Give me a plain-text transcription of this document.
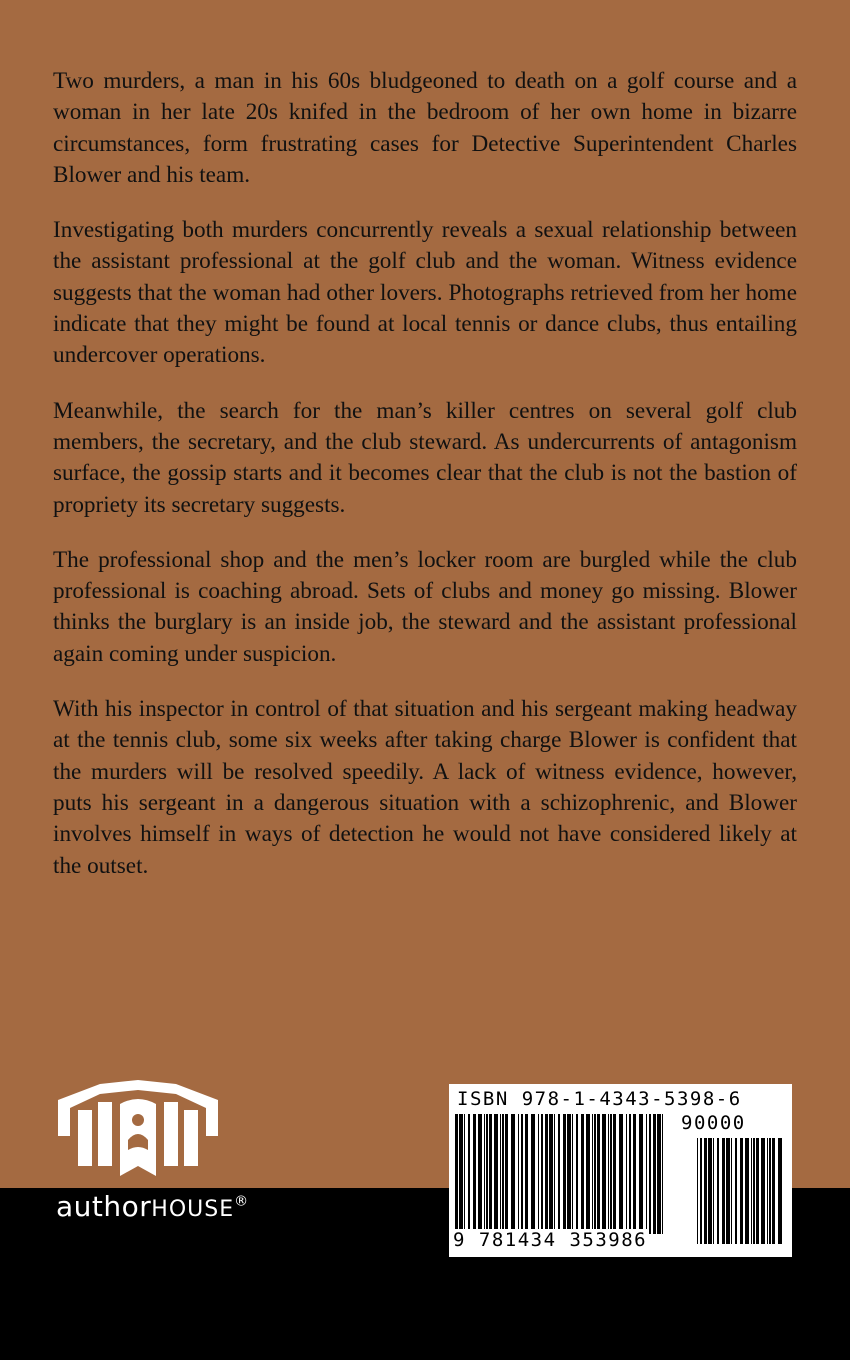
Two murders, a man in his 60s bludgeoned to death on a golf course and a woman in her late 20s knifed in the bedroom of her own home in bizarre circumstances, form frustrating cases for Detective Superintendent Charles Blower and his team.

Investigating both murders concurrently reveals a sexual relationship between the assistant professional at the golf club and the woman. Witness evidence suggests that the woman had other lovers. Photographs retrieved from her home indicate that they might be found at local tennis or dance clubs, thus entailing undercover operations.

Meanwhile, the search for the man’s killer centres on several golf club members, the secretary, and the club steward. As undercurrents of antagonism surface, the gossip starts and it becomes clear that the club is not the bastion of propriety its secretary suggests.

The professional shop and the men’s locker room are burgled while the club professional is coaching abroad. Sets of clubs and money go missing. Blower thinks the burglary is an inside job, the steward and the assistant professional again coming under suspicion.

With his inspector in control of that situation and his sergeant making headway at the tennis club, some six weeks after taking charge Blower is confident that the murders will be resolved speedily. A lack of witness evidence, however, puts his sergeant in a dangerous situation with a schizophrenic, and Blower involves himself in ways of detection he would not have considered likely at the outset.

authorHOUSE®
ISBN 978-1-4343-5398-6
90000
9 781434 353986
